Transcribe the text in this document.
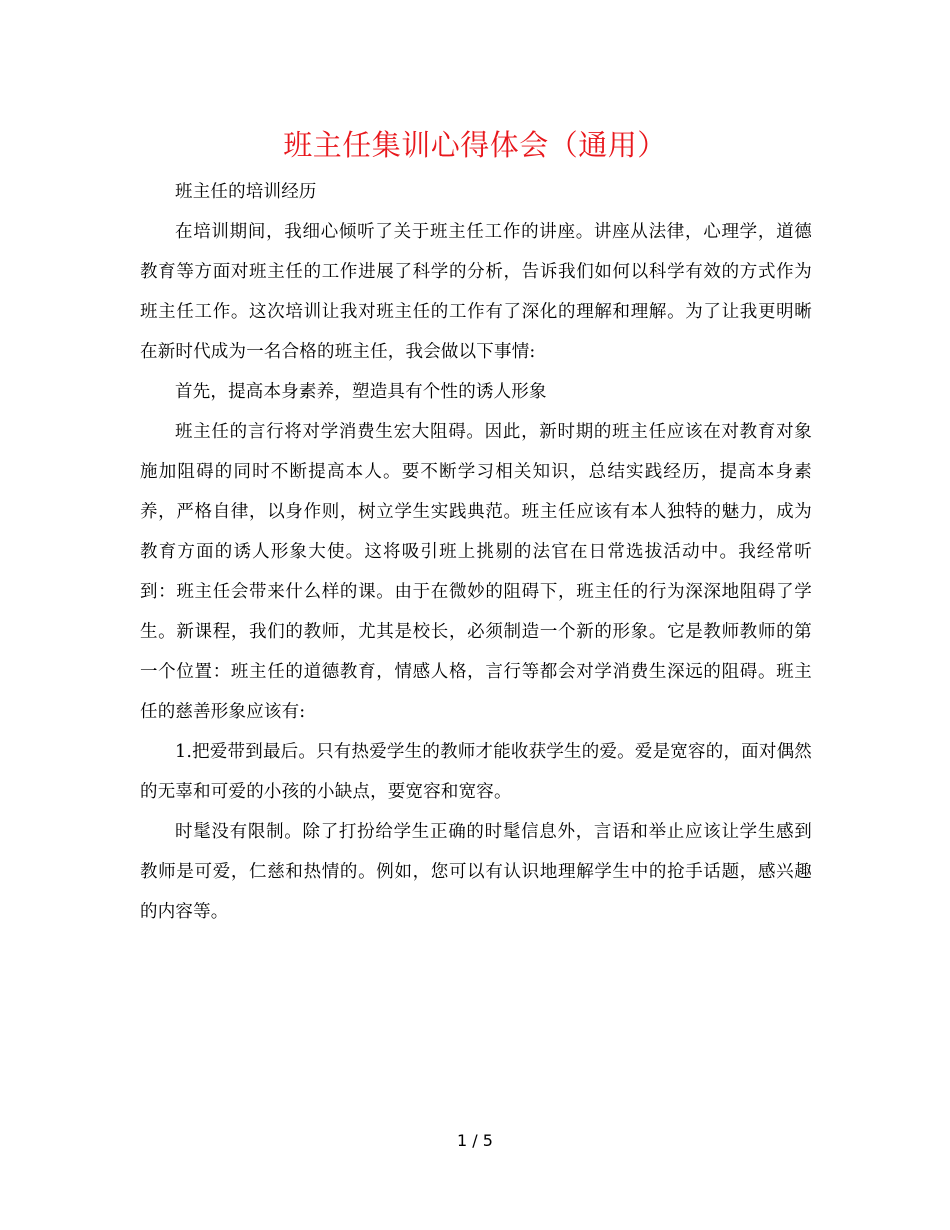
班主任集训心得体会（通用）

班主任的培训经历

在培训期间，我细心倾听了关于班主任工作的讲座。讲座从法律，心理学，道德教育等方面对班主任的工作进展了科学的分析，告诉我们如何以科学有效的方式作为班主任工作。这次培训让我对班主任的工作有了深化的理解和理解。为了让我更明晰在新时代成为一名合格的班主任，我会做以下事情:

首先，提高本身素养，塑造具有个性的诱人形象

班主任的言行将对学消费生宏大阻碍。因此，新时期的班主任应该在对教育对象施加阻碍的同时不断提高本人。要不断学习相关知识，总结实践经历，提高本身素养，严格自律，以身作则，树立学生实践典范。班主任应该有本人独特的魅力，成为教育方面的诱人形象大使。这将吸引班上挑剔的法官在日常选拔活动中。我经常听到：班主任会带来什么样的课。由于在微妙的阻碍下，班主任的行为深深地阻碍了学生。新课程，我们的教师，尤其是校长，必须制造一个新的形象。它是教师教师的第一个位置：班主任的道德教育，情感人格，言行等都会对学消费生深远的阻碍。班主任的慈善形象应该有:

1.把爱带到最后。只有热爱学生的教师才能收获学生的爱。爱是宽容的，面对偶然的无辜和可爱的小孩的小缺点，要宽容和宽容。

时髦没有限制。除了打扮给学生正确的时髦信息外，言语和举止应该让学生感到教师是可爱，仁慈和热情的。例如，您可以有认识地理解学生中的抢手话题，感兴趣的内容等。

1 / 5
